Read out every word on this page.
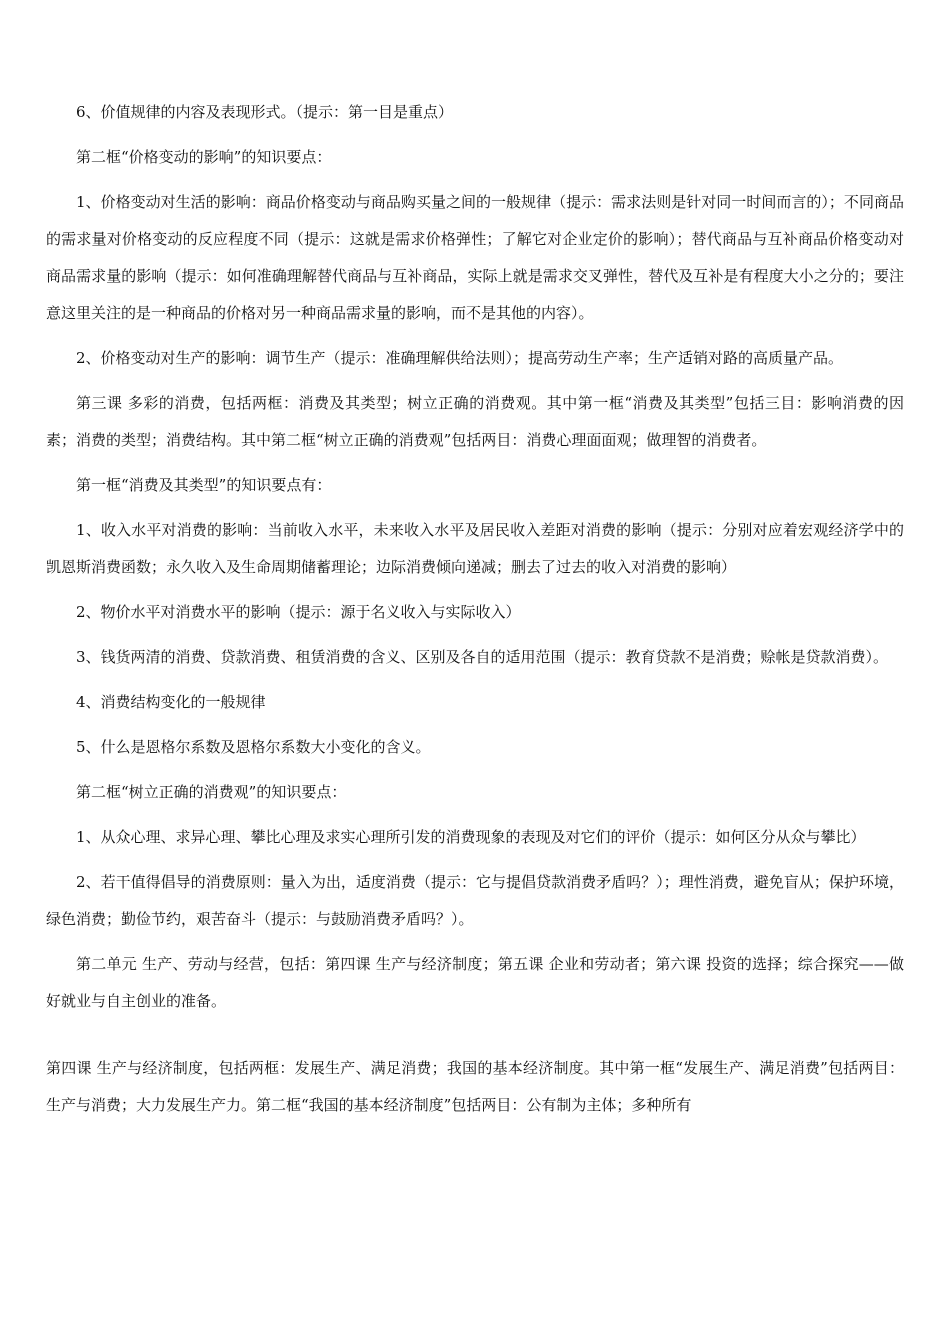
6、价值规律的内容及表现形式。（提示：第一目是重点）

第二框“价格变动的影响”的知识要点：

1、价格变动对生活的影响：商品价格变动与商品购买量之间的一般规律（提示：需求法则是针对同一时间而言的）；不同商品的需求量对价格变动的反应程度不同（提示：这就是需求价格弹性；了解它对企业定价的影响）；替代商品与互补商品价格变动对商品需求量的影响（提示：如何准确理解替代商品与互补商品，实际上就是需求交叉弹性，替代及互补是有程度大小之分的；要注意这里关注的是一种商品的价格对另一种商品需求量的影响，而不是其他的内容）。

2、价格变动对生产的影响：调节生产（提示：准确理解供给法则）；提高劳动生产率；生产适销对路的高质量产品。

第三课 多彩的消费，包括两框：消费及其类型；树立正确的消费观。其中第一框“消费及其类型”包括三目：影响消费的因素；消费的类型；消费结构。其中第二框“树立正确的消费观”包括两目：消费心理面面观；做理智的消费者。

第一框“消费及其类型”的知识要点有：

1、收入水平对消费的影响：当前收入水平，未来收入水平及居民收入差距对消费的影响（提示：分别对应着宏观经济学中的凯恩斯消费函数；永久收入及生命周期储蓄理论；边际消费倾向递减；删去了过去的收入对消费的影响）

2、物价水平对消费水平的影响（提示：源于名义收入与实际收入）

3、钱货两清的消费、贷款消费、租赁消费的含义、区别及各自的适用范围（提示：教育贷款不是消费；赊帐是贷款消费）。

4、消费结构变化的一般规律

5、什么是恩格尔系数及恩格尔系数大小变化的含义。

第二框“树立正确的消费观”的知识要点：

1、从众心理、求异心理、攀比心理及求实心理所引发的消费现象的表现及对它们的评价（提示：如何区分从众与攀比）

2、若干值得倡导的消费原则：量入为出，适度消费（提示：它与提倡贷款消费矛盾吗？）；理性消费，避免盲从；保护环境，绿色消费；勤俭节约，艰苦奋斗（提示：与鼓励消费矛盾吗？）。

第二单元 生产、劳动与经营，包括：第四课 生产与经济制度；第五课 企业和劳动者；第六课 投资的选择；综合探究——做好就业与自主创业的准备。

第四课 生产与经济制度，包括两框：发展生产、满足消费；我国的基本经济制度。其中第一框“发展生产、满足消费”包括两目：生产与消费；大力发展生产力。第二框“我国的基本经济制度”包括两目：公有制为主体；多种所有
